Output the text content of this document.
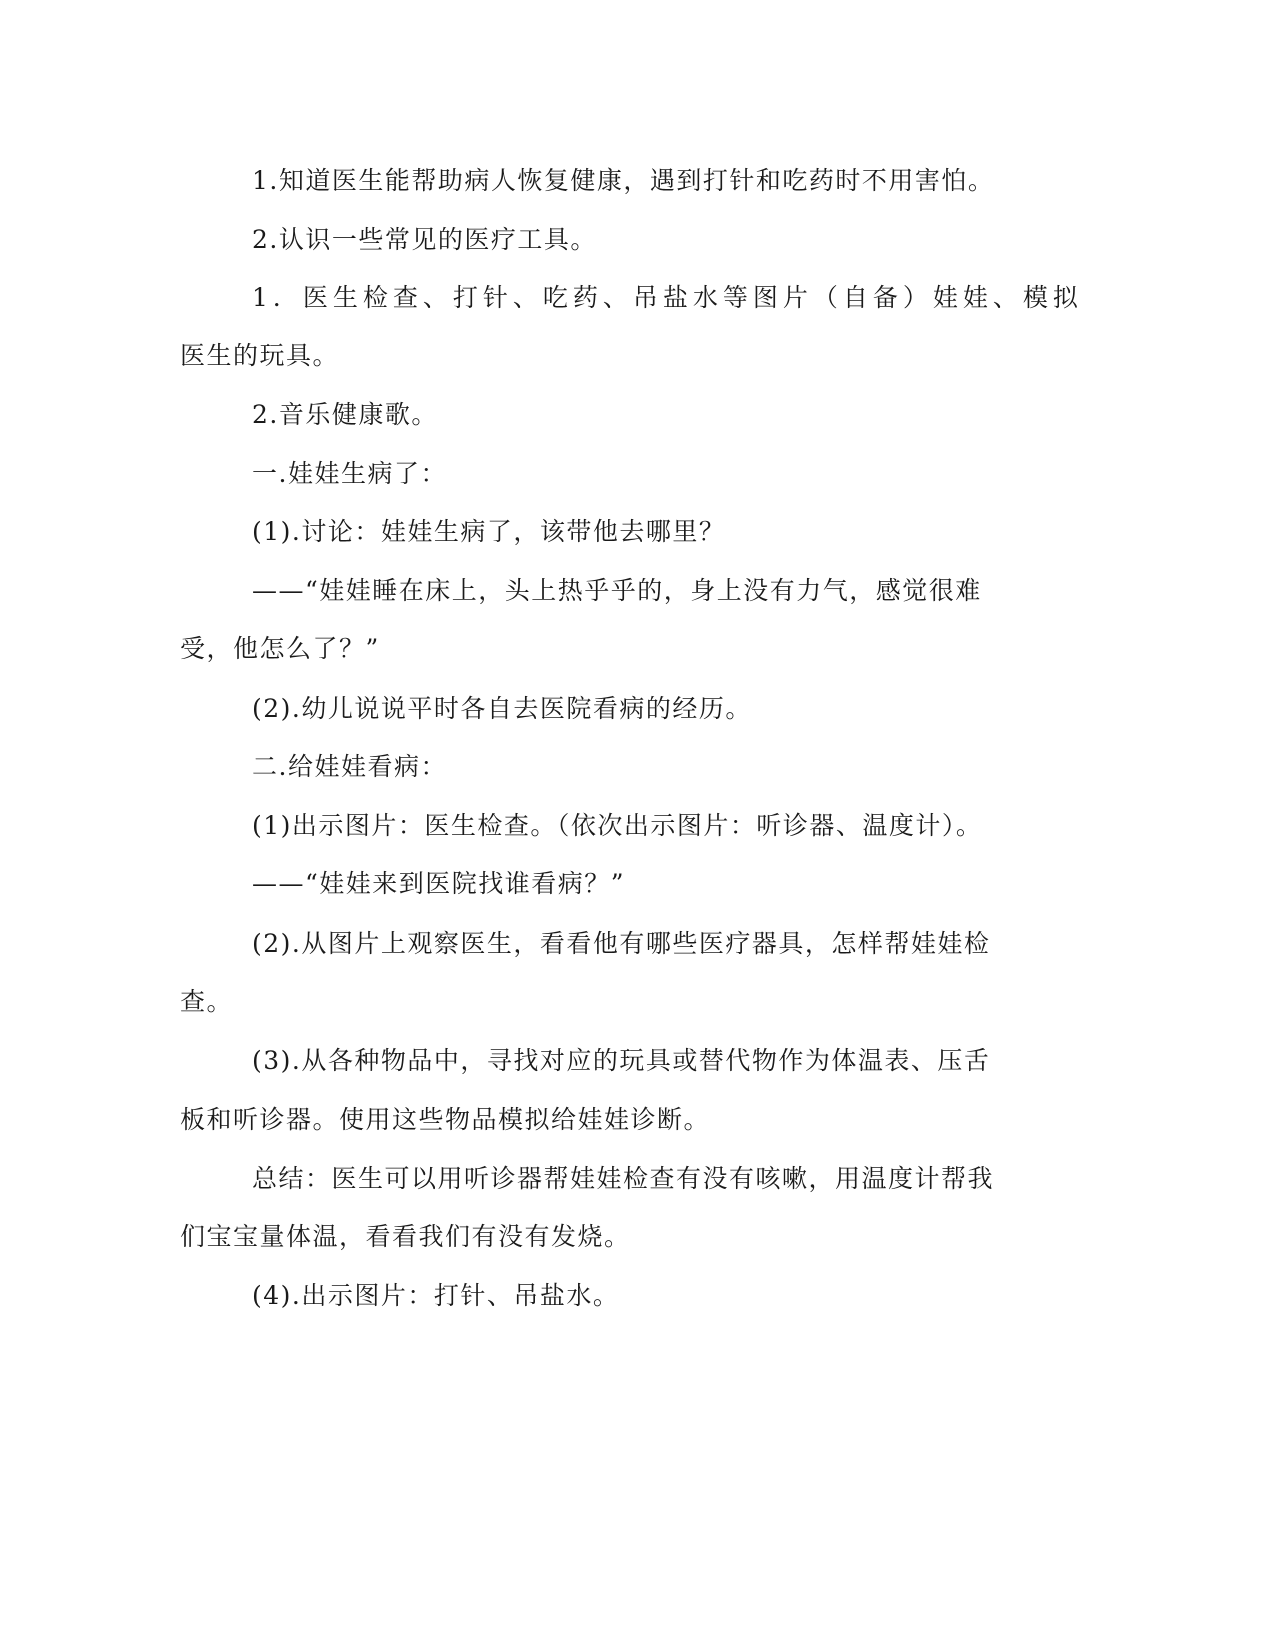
1.知道医生能帮助病人恢复健康，遇到打针和吃药时不用害怕。
2.认识一些常见的医疗工具。
1．医生检查、打针、吃药、吊盐水等图片（自备）娃娃、模拟
医生的玩具。
2.音乐健康歌。
一.娃娃生病了：
(1).讨论：娃娃生病了，该带他去哪里？
——“娃娃睡在床上，头上热乎乎的，身上没有力气，感觉很难
受，他怎么了？”
(2).幼儿说说平时各自去医院看病的经历。
二.给娃娃看病：
(1)出示图片：医生检查。（依次出示图片：听诊器、温度计）。
——“娃娃来到医院找谁看病？”
(2).从图片上观察医生，看看他有哪些医疗器具，怎样帮娃娃检
查。
(3).从各种物品中，寻找对应的玩具或替代物作为体温表、压舌
板和听诊器。使用这些物品模拟给娃娃诊断。
总结：医生可以用听诊器帮娃娃检查有没有咳嗽，用温度计帮我
们宝宝量体温，看看我们有没有发烧。
(4).出示图片：打针、吊盐水。
